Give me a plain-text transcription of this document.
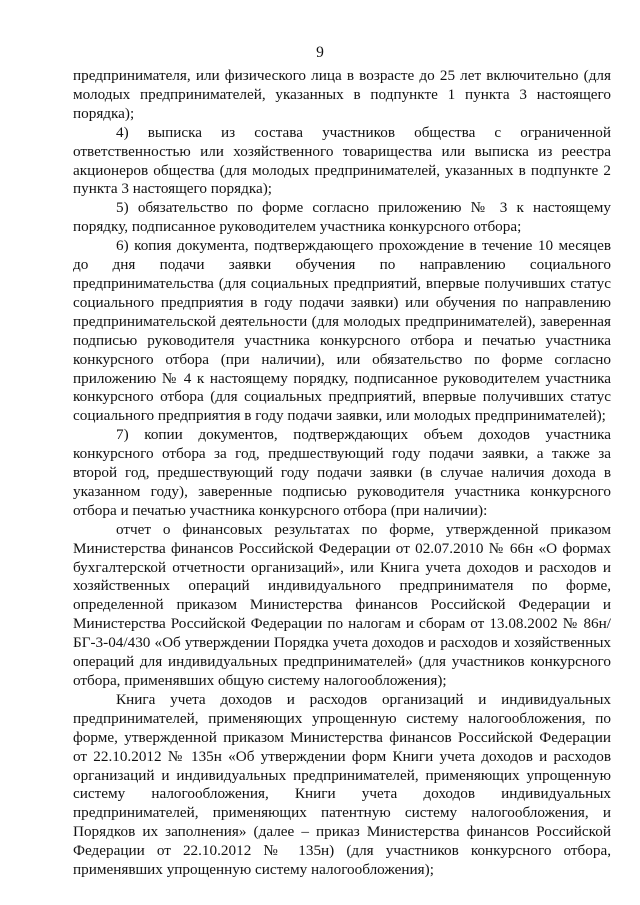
9

предпринимателя, или физического лица в возрасте до 25 лет включительно (для молодых предпринимателей, указанных в подпункте 1 пункта 3 настоящего порядка);

4) выписка из состава участников общества с ограниченной ответственностью или хозяйственного товарищества или выписка из реестра акционеров общества (для молодых предпринимателей, указанных в подпункте 2 пункта 3 настоящего порядка);

5) обязательство по форме согласно приложению № 3 к настоящему порядку, подписанное руководителем участника конкурсного отбора;

6) копия документа, подтверждающего прохождение в течение 10 месяцев до дня подачи заявки обучения по направлению социального предпринимательства (для социальных предприятий, впервые получивших статус социального предприятия в году подачи заявки) или обучения по направлению предпринимательской деятельности (для молодых предпринимателей), заверенная подписью руководителя участника конкурсного отбора и печатью участника конкурсного отбора (при наличии), или обязательство по форме согласно приложению № 4 к настоящему порядку, подписанное руководителем участника конкурсного отбора (для социальных предприятий, впервые получивших статус социального предприятия в году подачи заявки, или молодых предпринимателей);

7) копии документов, подтверждающих объем доходов участника конкурсного отбора за год, предшествующий году подачи заявки, а также за второй год, предшествующий году подачи заявки (в случае наличия дохода в указанном году), заверенные подписью руководителя участника конкурсного отбора и печатью участника конкурсного отбора (при наличии):

отчет о финансовых результатах по форме, утвержденной приказом Министерства финансов Российской Федерации от 02.07.2010 № 66н «О формах бухгалтерской отчетности организаций», или Книга учета доходов и расходов и хозяйственных операций индивидуального предпринимателя по форме, определенной приказом Министерства финансов Российской Федерации и Министерства Российской Федерации по налогам и сборам от 13.08.2002 № 86н/БГ-3-04/430 «Об утверждении Порядка учета доходов и расходов и хозяйственных операций для индивидуальных предпринимателей» (для участников конкурсного отбора, применявших общую систему налогообложения);

Книга учета доходов и расходов организаций и индивидуальных предпринимателей, применяющих упрощенную систему налогообложения, по форме, утвержденной приказом Министерства финансов Российской Федерации от 22.10.2012 № 135н «Об утверждении форм Книги учета доходов и расходов организаций и индивидуальных предпринимателей, применяющих упрощенную систему налогообложения, Книги учета доходов индивидуальных предпринимателей, применяющих патентную систему налогообложения, и Порядков их заполнения» (далее – приказ Министерства финансов Российской Федерации от 22.10.2012 № 135н) (для участников конкурсного отбора, применявших упрощенную систему налогообложения);
